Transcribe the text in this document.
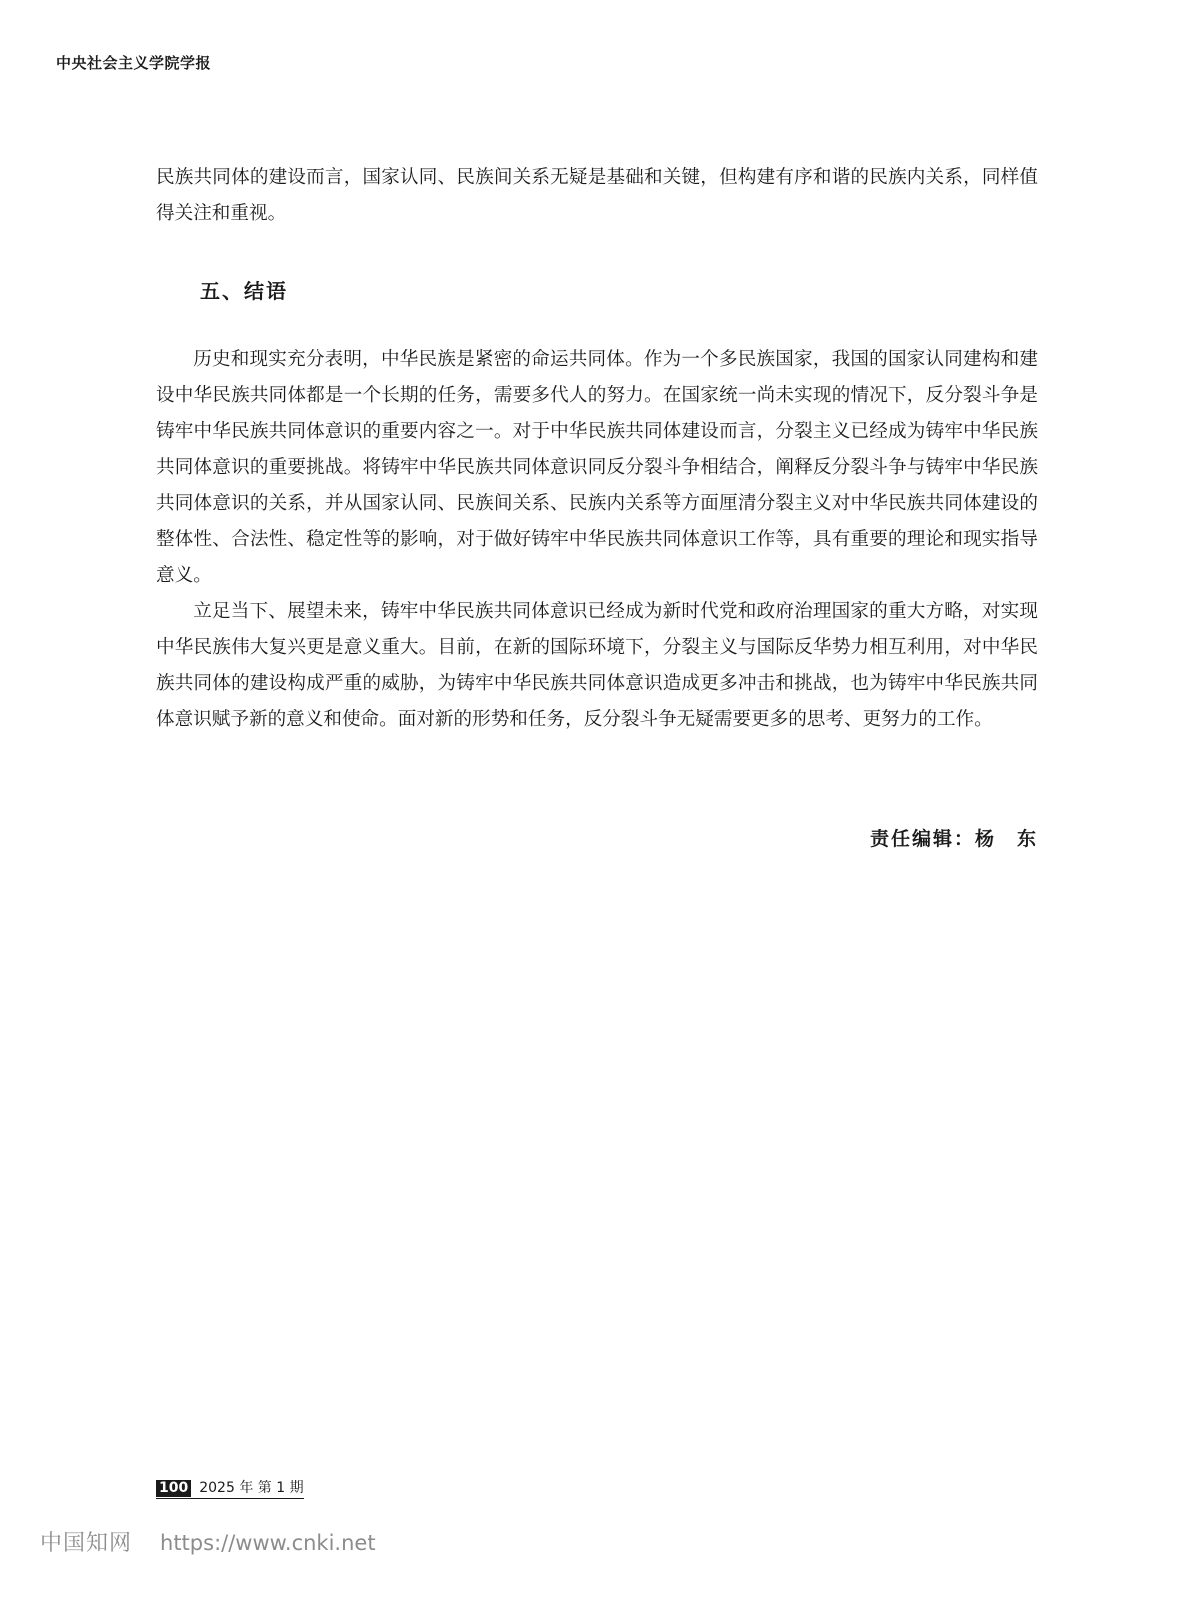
中央社会主义学院学报

民族共同体的建设而言，国家认同、民族间关系无疑是基础和关键，但构建有序和谐的民族内关系，同样值得关注和重视。

五、结语

历史和现实充分表明，中华民族是紧密的命运共同体。作为一个多民族国家，我国的国家认同建构和建设中华民族共同体都是一个长期的任务，需要多代人的努力。在国家统一尚未实现的情况下，反分裂斗争是铸牢中华民族共同体意识的重要内容之一。对于中华民族共同体建设而言，分裂主义已经成为铸牢中华民族共同体意识的重要挑战。将铸牢中华民族共同体意识同反分裂斗争相结合，阐释反分裂斗争与铸牢中华民族共同体意识的关系，并从国家认同、民族间关系、民族内关系等方面厘清分裂主义对中华民族共同体建设的整体性、合法性、稳定性等的影响，对于做好铸牢中华民族共同体意识工作等，具有重要的理论和现实指导意义。

立足当下、展望未来，铸牢中华民族共同体意识已经成为新时代党和政府治理国家的重大方略，对实现中华民族伟大复兴更是意义重大。目前，在新的国际环境下，分裂主义与国际反华势力相互利用，对中华民族共同体的建设构成严重的威胁，为铸牢中华民族共同体意识造成更多冲击和挑战，也为铸牢中华民族共同体意识赋予新的意义和使命。面对新的形势和任务，反分裂斗争无疑需要更多的思考、更努力的工作。

责任编辑：杨　东
100 2025 年 第 1 期
中国知网 https://www.cnki.net
